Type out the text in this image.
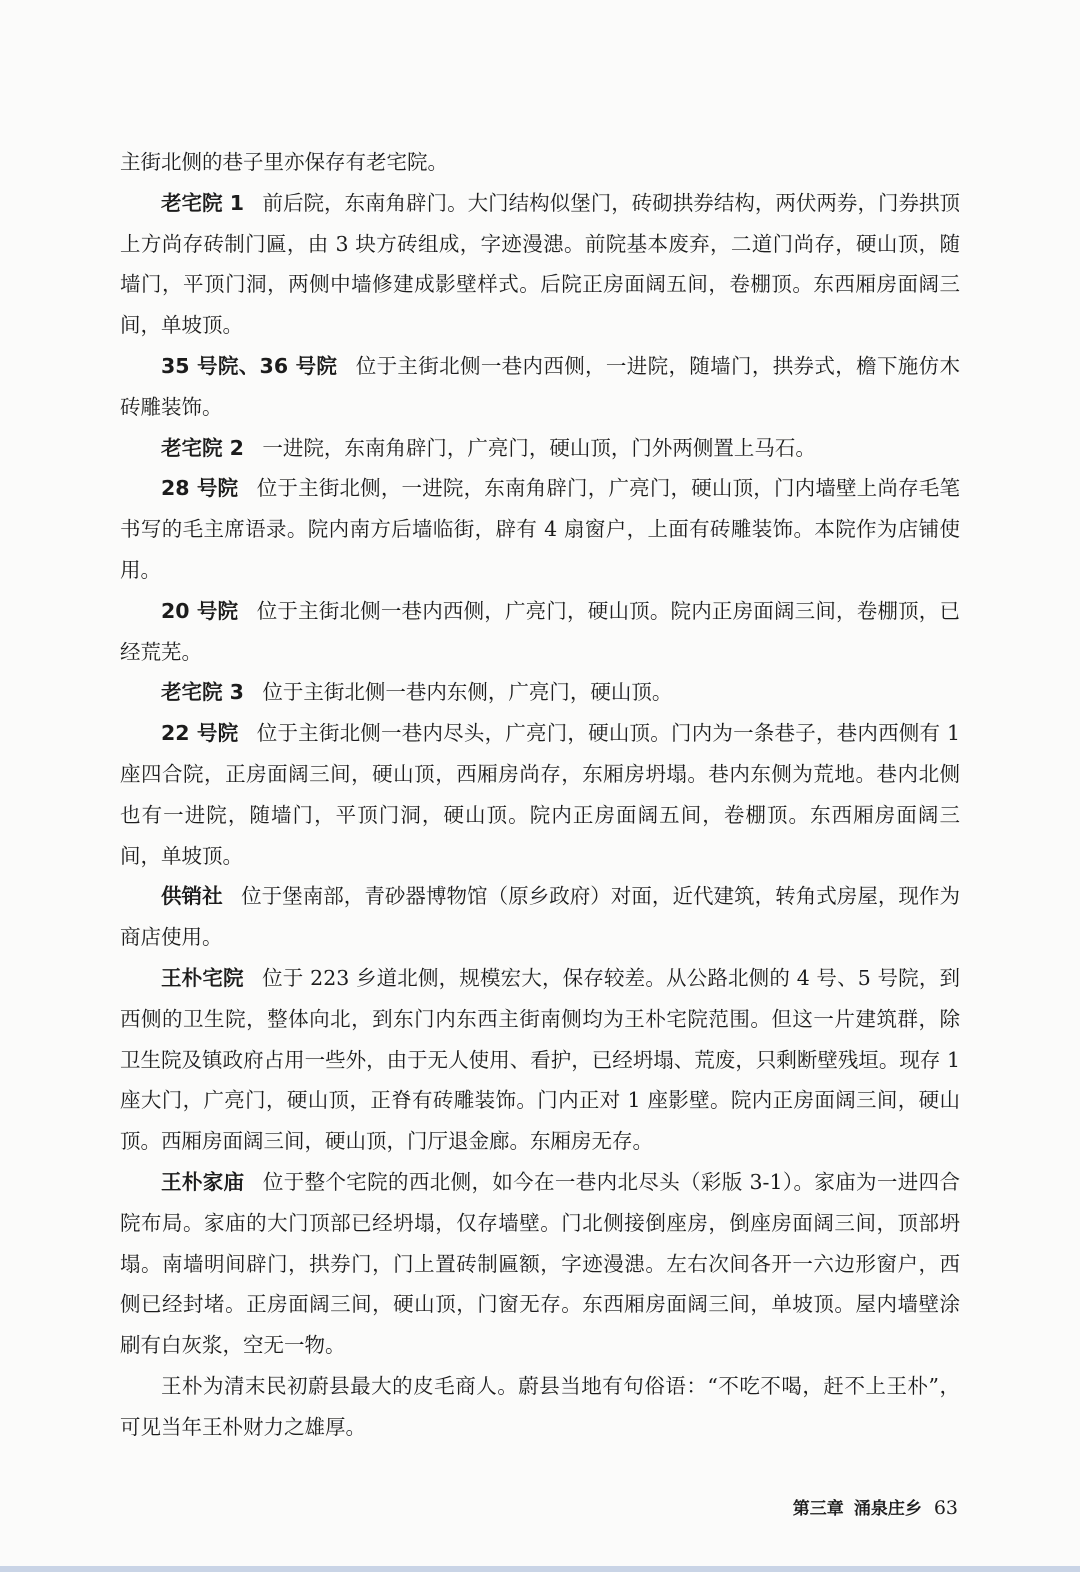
主街北侧的巷子里亦保存有老宅院。

老宅院 1 前后院，东南角辟门。大门结构似堡门，砖砌拱券结构，两伏两券，门券拱顶上方尚存砖制门匾，由 3 块方砖组成，字迹漫漶。前院基本废弃，二道门尚存，硬山顶，随墙门，平顶门洞，两侧中墙修建成影壁样式。后院正房面阔五间，卷棚顶。东西厢房面阔三间，单坡顶。

35 号院、36 号院 位于主街北侧一巷内西侧，一进院，随墙门，拱券式，檐下施仿木砖雕装饰。

老宅院 2 一进院，东南角辟门，广亮门，硬山顶，门外两侧置上马石。

28 号院 位于主街北侧，一进院，东南角辟门，广亮门，硬山顶，门内墙壁上尚存毛笔书写的毛主席语录。院内南方后墙临街，辟有 4 扇窗户，上面有砖雕装饰。本院作为店铺使用。

20 号院 位于主街北侧一巷内西侧，广亮门，硬山顶。院内正房面阔三间，卷棚顶，已经荒芜。

老宅院 3 位于主街北侧一巷内东侧，广亮门，硬山顶。

22 号院 位于主街北侧一巷内尽头，广亮门，硬山顶。门内为一条巷子，巷内西侧有 1 座四合院，正房面阔三间，硬山顶，西厢房尚存，东厢房坍塌。巷内东侧为荒地。巷内北侧也有一进院，随墙门，平顶门洞，硬山顶。院内正房面阔五间，卷棚顶。东西厢房面阔三间，单坡顶。

供销社 位于堡南部，青砂器博物馆（原乡政府）对面，近代建筑，转角式房屋，现作为商店使用。

王朴宅院 位于 223 乡道北侧，规模宏大，保存较差。从公路北侧的 4 号、5 号院，到西侧的卫生院，整体向北，到东门内东西主街南侧均为王朴宅院范围。但这一片建筑群，除卫生院及镇政府占用一些外，由于无人使用、看护，已经坍塌、荒废，只剩断壁残垣。现存 1 座大门，广亮门，硬山顶，正脊有砖雕装饰。门内正对 1 座影壁。院内正房面阔三间，硬山顶。西厢房面阔三间，硬山顶，门厅退金廊。东厢房无存。

王朴家庙 位于整个宅院的西北侧，如今在一巷内北尽头（彩版 3-1）。家庙为一进四合院布局。家庙的大门顶部已经坍塌，仅存墙壁。门北侧接倒座房，倒座房面阔三间，顶部坍塌。南墙明间辟门，拱券门，门上置砖制匾额，字迹漫漶。左右次间各开一六边形窗户，西侧已经封堵。正房面阔三间，硬山顶，门窗无存。东西厢房面阔三间，单坡顶。屋内墙壁涂刷有白灰浆，空无一物。

王朴为清末民初蔚县最大的皮毛商人。蔚县当地有句俗语：“不吃不喝，赶不上王朴”，可见当年王朴财力之雄厚。

第三章 涌泉庄乡 63
